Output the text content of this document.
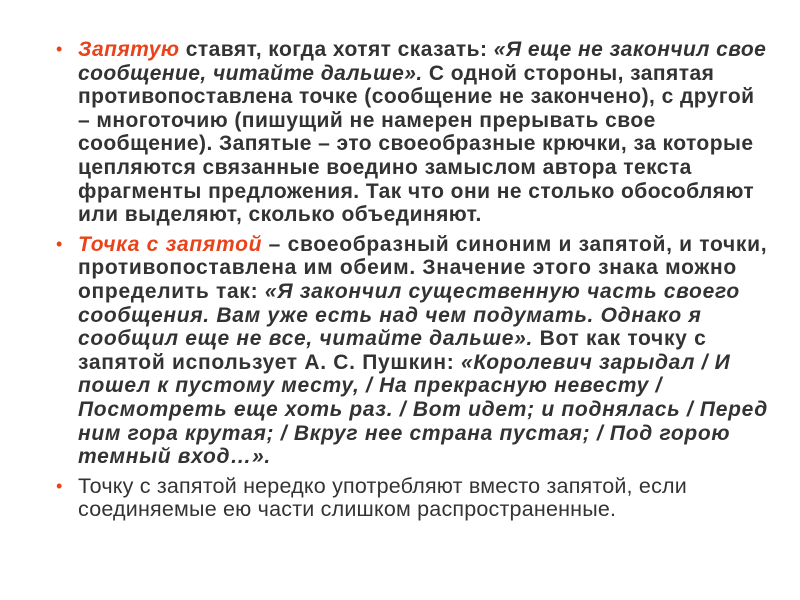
• Запятую ставят, когда хотят сказать: «Я еще не закончил свое сообщение, читайте дальше». С одной стороны, запятая противопоставлена точке (сообщение не закончено), с другой – многоточию (пишущий не намерен прерывать свое сообщение). Запятые – это своеобразные крючки, за которые цепляются связанные воедино замыслом автора текста фрагменты предложения. Так что они не столько обособляют или выделяют, сколько объединяют.
• Точка с запятой – своеобразный синоним и запятой, и точки, противопоставлена им обеим. Значение этого знака можно определить так: «Я закончил существенную часть своего сообщения. Вам уже есть над чем подумать. Однако я сообщил еще не все, читайте дальше». Вот как точку с запятой использует А. С. Пушкин: «Королевич зарыдал / И пошел к пустому месту, / На прекрасную невесту / Посмотреть еще хоть раз. / Вот идет; и поднялась / Перед ним гора крутая; / Вкруг нее страна пустая; / Под горою темный вход…».
• Точку с запятой нередко употребляют вместо запятой, если соединяемые ею части слишком распространенные.
